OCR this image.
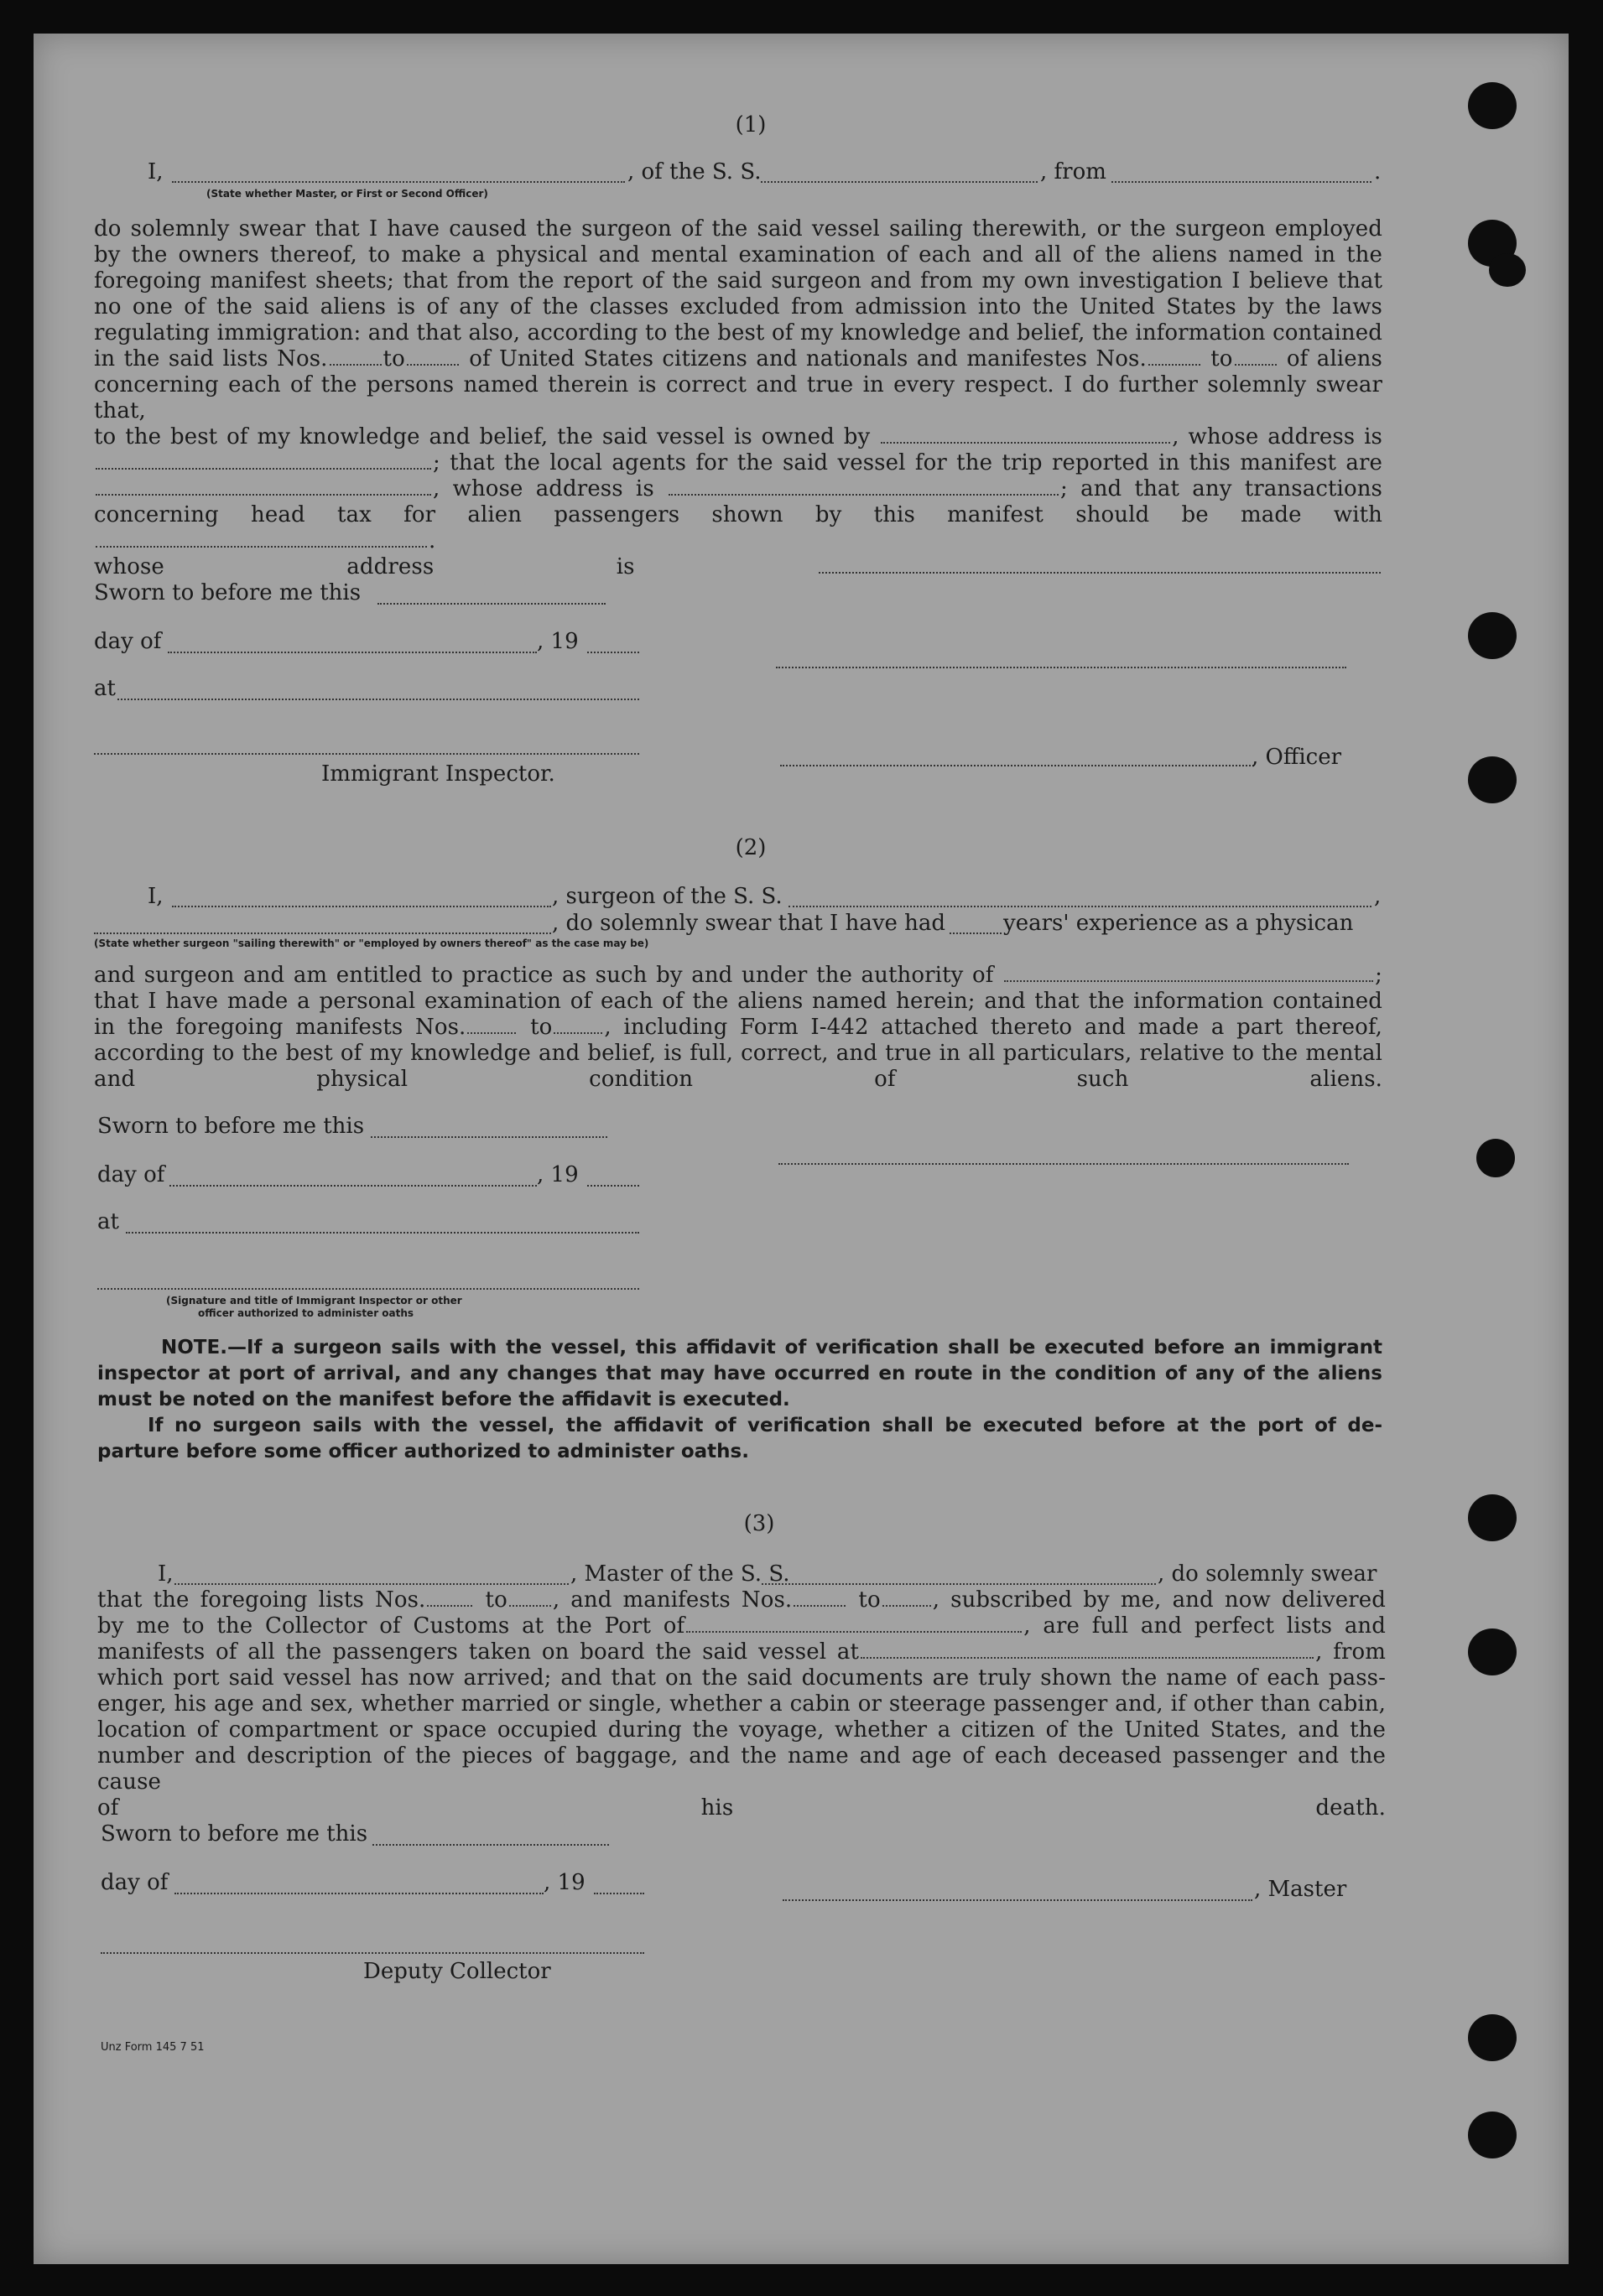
(1)
I,	, of the S. S.	, from	.
(State whether Master, or First or Second Officer)
do solemnly swear that I have caused the surgeon of the said vessel sailing therewith, or the surgeon employed
by the owners thereof, to make a physical and mental examination of each and all of the aliens named in the
foregoing manifest sheets; that from the report of the said surgeon and from my own investigation I believe that
no one of the said aliens is of any of the classes excluded from admission into the United States by the laws
regulating immigration: and that also, according to the best of my knowledge and belief, the information contained
in the said lists Nos.	to	of United States citizens and nationals and manifestes Nos.	to of aliens
concerning each of the persons named therein is correct and true in every respect. I do further solemnly swear that,
to the best of my knowledge and belief, the said vessel is owned by	, whose address is
; that the local agents for the said vessel for the trip reported in this manifest are
, whose address is	; and that any transactions
concerning head tax for alien passengers shown by this manifest should be made with .
whose address is
Sworn to before me this
day of	, 19
at
, Officer
Immigrant Inspector.
(2)
I,	, surgeon of the S. S.	,
, do solemnly swear that I have had	years' experience as a physican
(State whether surgeon "sailing therewith" or "employed by owners thereof" as the case may be)
and surgeon and am entitled to practice as such by and under the authority of	;
that I have made a personal examination of each of the aliens named herein; and that the information contained
in the foregoing manifests Nos.	to , including Form I-442 attached thereto and made a part thereof,
according to the best of my knowledge and belief, is full, correct, and true in all particulars, relative to the mental
and physical condition of such aliens.
Sworn to before me this
day of	, 19
at
(Signature and title of Immigrant Inspector or other
officer authorized to administer oaths
NOTE.—If a surgeon sails with the vessel, this affidavit of verification shall be executed before an immigrant
inspector at port of arrival, and any changes that may have occurred en route in the condition of any of the aliens
must be noted on the manifest before the affidavit is executed.
If no surgeon sails with the vessel, the affidavit of verification shall be executed before at the port of de-
parture before some officer authorized to administer oaths.
(3)
I,	, Master of the S. S.	, do solemnly swear
that the foregoing lists Nos.	to , and manifests Nos.	to , subscribed by me, and now delivered
by me to the Collector of Customs at the Port of	, are full and perfect lists and
manifests of all the passengers taken on board the said vessel at	, from
which port said vessel has now arrived; and that on the said documents are truly shown the name of each pass-
enger, his age and sex, whether married or single, whether a cabin or steerage passenger and, if other than cabin,
location of compartment or space occupied during the voyage, whether a citizen of the United States, and the
number and description of the pieces of baggage, and the name and age of each deceased passenger and the cause
of his death.
Sworn to before me this
day of	, 19	, Master
Deputy Collector
Unz Form 145 7 51
